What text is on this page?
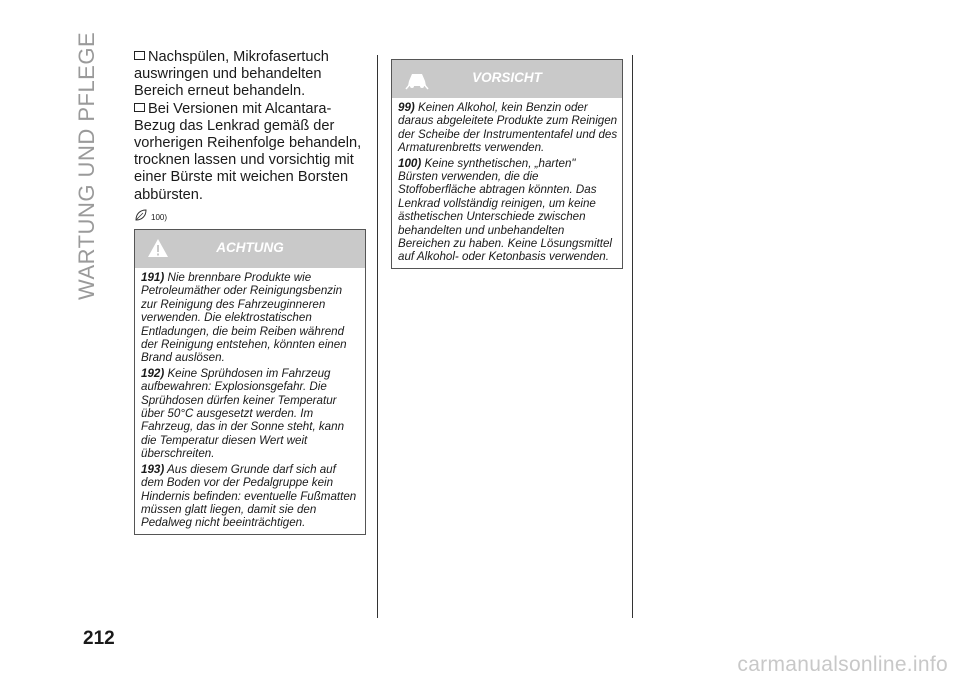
WARTUNG UND PFLEGE
212

Nachspülen, Mikrofasertuch auswringen und behandelten Bereich erneut behandeln.

Bei Versionen mit Alcantara-Bezug das Lenkrad gemäß der vorherigen Reihenfolge behandeln, trocknen lassen und vorsichtig mit einer Bürste mit weichen Borsten abbürsten.

100)
ACHTUNG

191) Nie brennbare Produkte wie Petroleumäther oder Reinigungsbenzin zur Reinigung des Fahrzeuginneren verwenden. Die elektrostatischen Entladungen, die beim Reiben während der Reinigung entstehen, könnten einen Brand auslösen.

192) Keine Sprühdosen im Fahrzeug aufbewahren: Explosionsgefahr. Die Sprühdosen dürfen keiner Temperatur über 50°C ausgesetzt werden. Im Fahrzeug, das in der Sonne steht, kann die Temperatur diesen Wert weit überschreiten.

193) Aus diesem Grunde darf sich auf dem Boden vor der Pedalgruppe kein Hindernis befinden: eventuelle Fußmatten müssen glatt liegen, damit sie den Pedalweg nicht beeinträchtigen.

VORSICHT

99) Keinen Alkohol, kein Benzin oder daraus abgeleitete Produkte zum Reinigen der Scheibe der Instrumententafel und des Armaturenbretts verwenden.

100) Keine synthetischen, „harten" Bürsten verwenden, die die Stoffoberfläche abtragen könnten. Das Lenkrad vollständig reinigen, um keine ästhetischen Unterschiede zwischen behandelten und unbehandelten Bereichen zu haben. Keine Lösungsmittel auf Alkohol- oder Ketonbasis verwenden.

carmanualsonline.info
